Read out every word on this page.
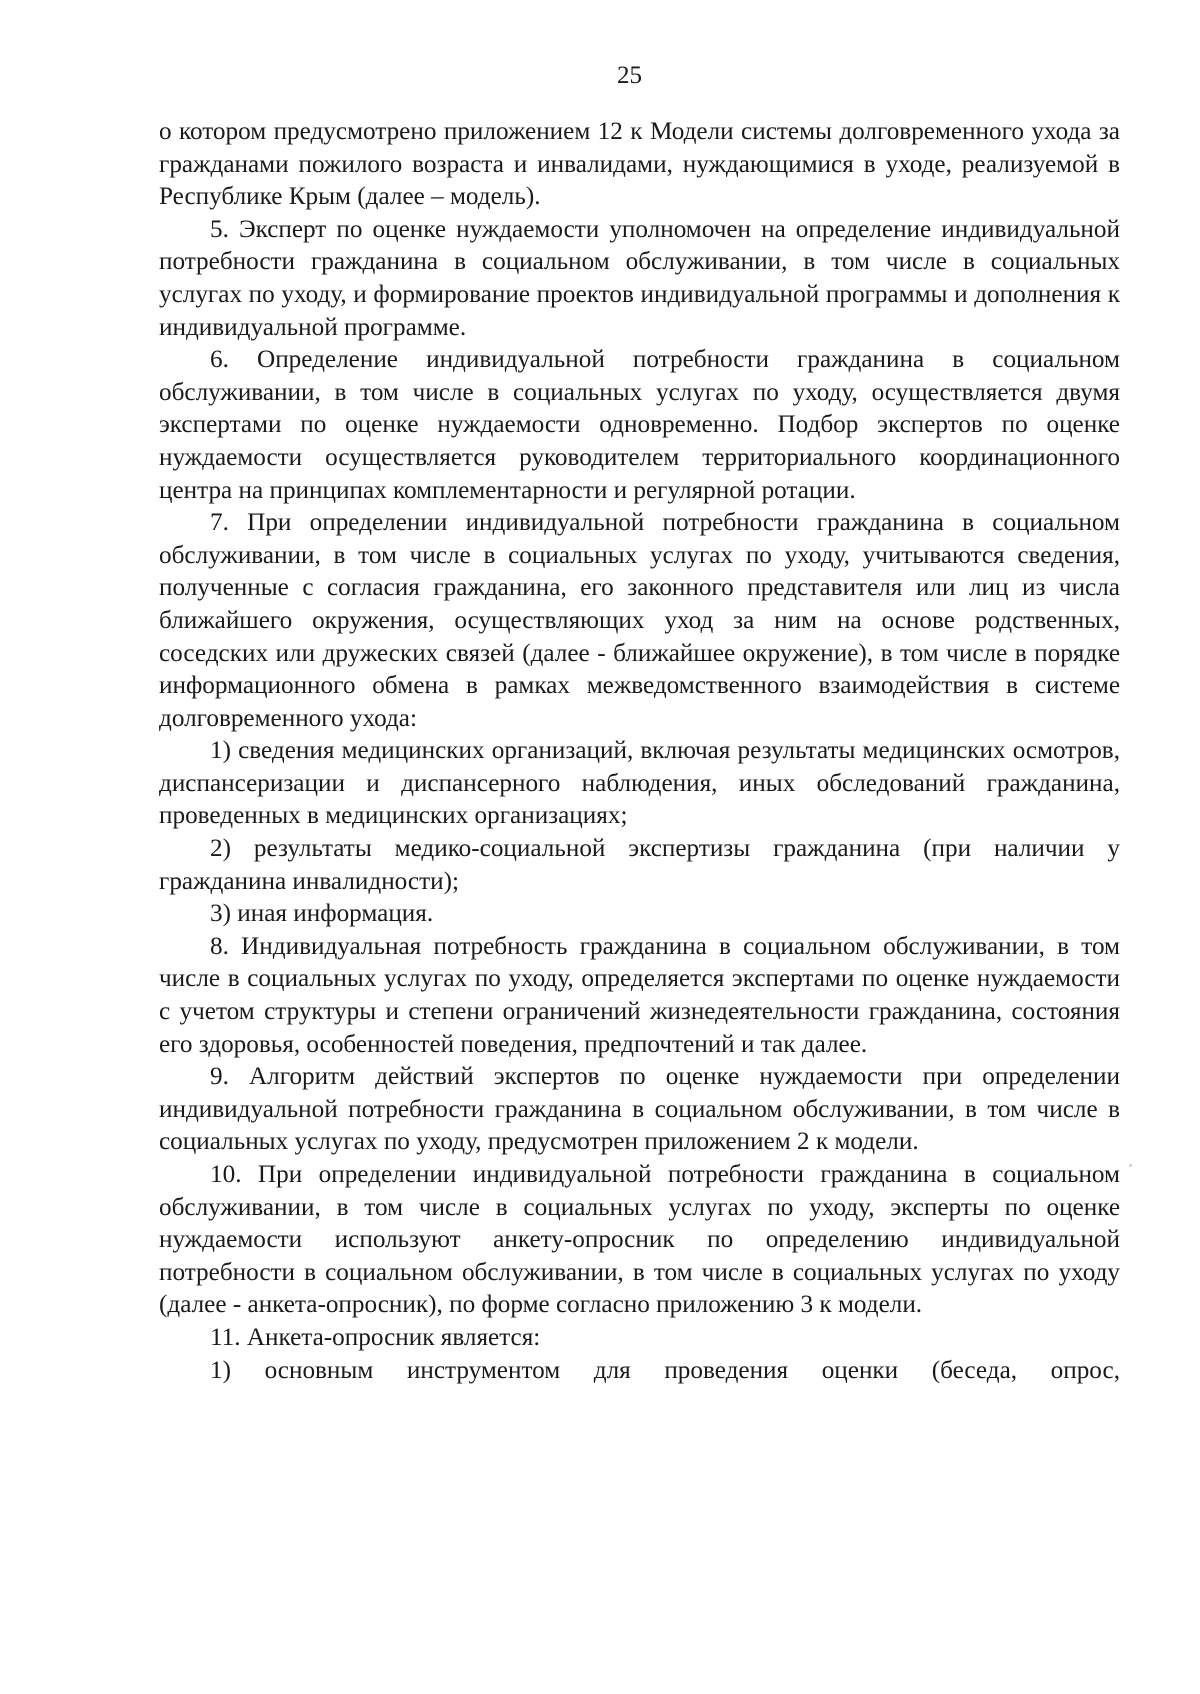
25

о котором предусмотрено приложением 12 к Модели системы долговременного ухода за гражданами пожилого возраста и инвалидами, нуждающимися в уходе, реализуемой в Республике Крым (далее – модель).

5. Эксперт по оценке нуждаемости уполномочен на определение индивидуальной потребности гражданина в социальном обслуживании, в том числе в социальных услугах по уходу, и формирование проектов индивидуальной программы и дополнения к индивидуальной программе.

6. Определение индивидуальной потребности гражданина в социальном обслуживании, в том числе в социальных услугах по уходу, осуществляется двумя экспертами по оценке нуждаемости одновременно. Подбор экспертов по оценке нуждаемости осуществляется руководителем территориального координационного центра на принципах комплементарности и регулярной ротации.

7. При определении индивидуальной потребности гражданина в социальном обслуживании, в том числе в социальных услугах по уходу, учитываются сведения, полученные с согласия гражданина, его законного представителя или лиц из числа ближайшего окружения, осуществляющих уход за ним на основе родственных, соседских или дружеских связей (далее - ближайшее окружение), в том числе в порядке информационного обмена в рамках межведомственного взаимодействия в системе долговременного ухода:

1) сведения медицинских организаций, включая результаты медицинских осмотров, диспансеризации и диспансерного наблюдения, иных обследований гражданина, проведенных в медицинских организациях;

2) результаты медико-социальной экспертизы гражданина (при наличии у гражданина инвалидности);

3) иная информация.

8. Индивидуальная потребность гражданина в социальном обслуживании, в том числе в социальных услугах по уходу, определяется экспертами по оценке нуждаемости с учетом структуры и степени ограничений жизнедеятельности гражданина, состояния его здоровья, особенностей поведения, предпочтений и так далее.

9. Алгоритм действий экспертов по оценке нуждаемости при определении индивидуальной потребности гражданина в социальном обслуживании, в том числе в социальных услугах по уходу, предусмотрен приложением 2 к модели.

10. При определении индивидуальной потребности гражданина в социальном обслуживании, в том числе в социальных услугах по уходу, эксперты по оценке нуждаемости используют анкету-опросник по определению индивидуальной потребности в социальном обслуживании, в том числе в социальных услугах по уходу (далее - анкета-опросник), по форме согласно приложению 3 к модели.

11. Анкета-опросник является:

1) основным инструментом для проведения оценки (беседа, опрос,
